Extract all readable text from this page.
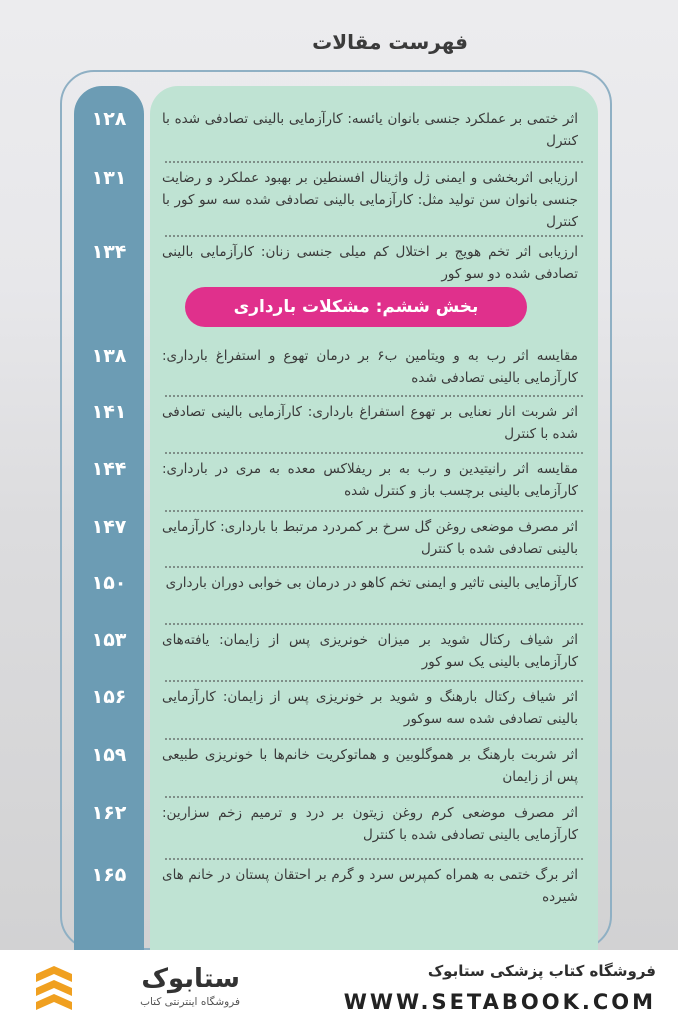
فهرست مقالات
۱۲۸	اثر ختمی بر عملکرد جنسی بانوان یائسه: کارآزمایی بالینی تصادفی شده با کنترل
۱۳۱	ارزیابی اثربخشی و ایمنی ژل واژینال افسنطین بر بهبود عملکرد و رضایت جنسی بانوان سن تولید مثل: کارآزمایی بالینی تصادفی شده سه سو کور با کنترل
۱۳۴	ارزیابی اثر تخم هویج بر اختلال کم میلی جنسی زنان: کارآزمایی بالینی تصادفی شده دو سو کور
بخش ششم: مشکلات بارداری
۱۳۸	مقایسه اثر رب به و ویتامین ب۶ بر درمان تهوع و استفراغ بارداری: کارآزمایی بالینی تصادفی شده
۱۴۱	اثر شربت انار نعنایی بر تهوع استفراغ بارداری: کارآزمایی بالینی تصادفی شده با کنترل
۱۴۴	مقایسه اثر رانیتیدین و رب به بر ریفلاکس معده به مری در بارداری: کارآزمایی بالینی برچسب باز و کنترل شده
۱۴۷	اثر مصرف موضعی روغن گل سرخ بر کمردرد مرتبط با بارداری: کارآزمایی بالینی تصادفی شده با کنترل
۱۵۰	کارآزمایی بالینی تاثیر و ایمنی تخم کاهو در درمان بی خوابی دوران بارداری
۱۵۳	اثر شیاف رکتال شوید بر میزان خونریزی پس از زایمان: یافته‌های کارآزمایی بالینی یک سو کور
۱۵۶	اثر شیاف رکتال بارهنگ و شوید بر خونریزی پس از زایمان: کارآزمایی بالینی تصادفی شده سه سوکور
۱۵۹	اثر شربت بارهنگ بر هموگلوبین و هماتوکریت خانم‌ها با خونریزی طبیعی پس از زایمان
۱۶۲	اثر مصرف موضعی کرم روغن زیتون بر درد و ترمیم زخم سزارین: کارآزمایی بالینی تصادفی شده با کنترل
۱۶۵	اثر برگ ختمی به همراه کمپرس سرد و گرم بر احتقان پستان در خانم های شیرده
ستابوک
فروشگاه اینترنتی کتاب
فروشگاه کتاب پزشکی ستابوک
WWW.SETABOOK.COM
